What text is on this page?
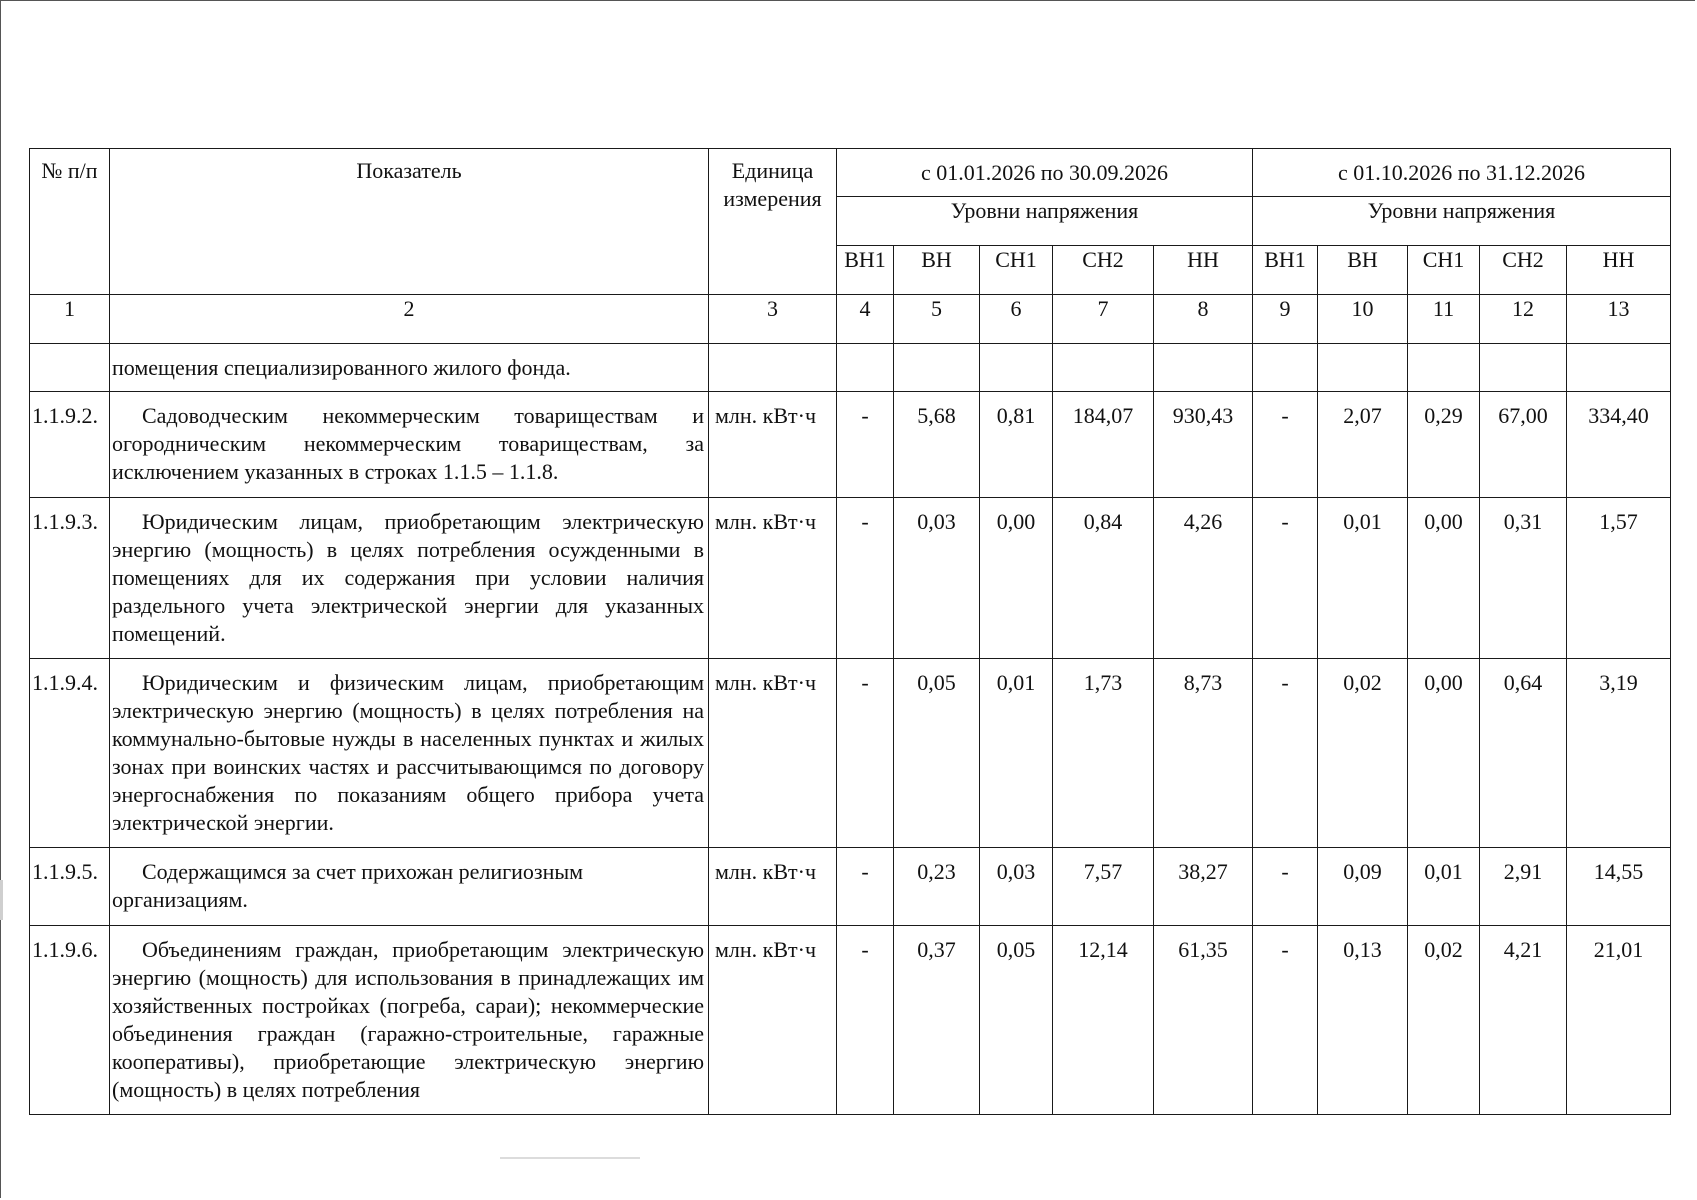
№ п/п	Показатель	Единица измерения	с 01.01.2026 по 30.09.2026					с 01.10.2026 по 31.12.2026				
			Уровни напряжения					Уровни напряжения				
			ВН1	ВН	СН1	СН2	НН	ВН1	ВН	СН1	СН2	НН
1	2	3	4	5	6	7	8	9	10	11	12	13
	помещения специализированного жилого фонда.											
1.1.9.2.	Садоводческим некоммерческим товариществам и огородническим некоммерческим товариществам, за исключением указанных в строках 1.1.5 – 1.1.8.	млн. кВт·ч	-	5,68	0,81	184,07	930,43	-	2,07	0,29	67,00	334,40
1.1.9.3.	Юридическим лицам, приобретающим электрическую энергию (мощность) в целях потребления осужденными в помещениях для их содержания при условии наличия раздельного учета электрической энергии для указанных помещений.	млн. кВт·ч	-	0,03	0,00	0,84	4,26	-	0,01	0,00	0,31	1,57
1.1.9.4.	Юридическим и физическим лицам, приобретающим электрическую энергию (мощность) в целях потребления на коммунально-бытовые нужды в населенных пунктах и жилых зонах при воинских частях и рассчитывающимся по договору энергоснабжения по показаниям общего прибора учета электрической энергии.	млн. кВт·ч	-	0,05	0,01	1,73	8,73	-	0,02	0,00	0,64	3,19
1.1.9.5.	Содержащимся за счет прихожан религиозным организациям.	млн. кВт·ч	-	0,23	0,03	7,57	38,27	-	0,09	0,01	2,91	14,55
1.1.9.6.	Объединениям граждан, приобретающим электрическую энергию (мощность) для использования в принадлежащих им хозяйственных постройках (погреба, сараи); некоммерческие объединения граждан (гаражно-строительные, гаражные кооперативы), приобретающие электрическую энергию (мощность) в целях потребления	млн. кВт·ч	-	0,37	0,05	12,14	61,35	-	0,13	0,02	4,21	21,01
